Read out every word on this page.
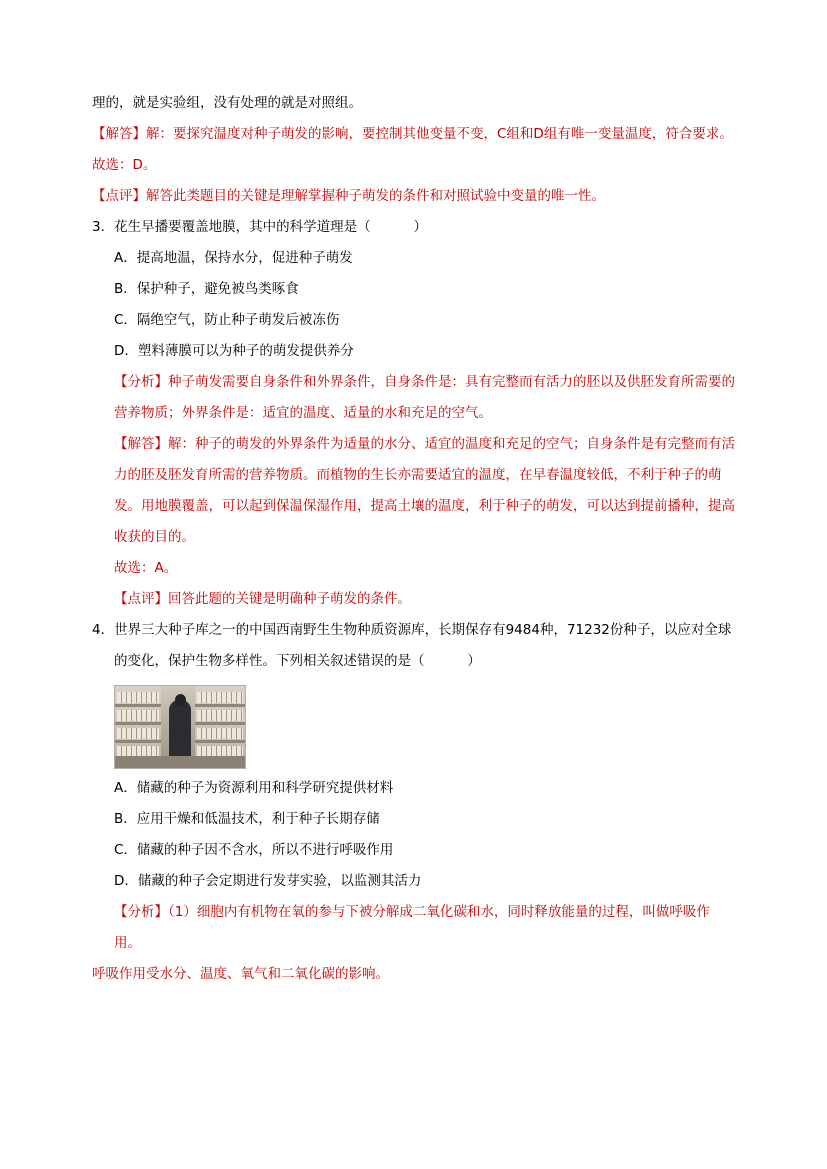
理的，就是实验组，没有处理的就是对照组。
【解答】解：要探究温度对种子萌发的影响，要控制其他变量不变，C组和D组有唯一变量温度，符合要求。
故选：D。
【点评】解答此类题目的关键是理解掌握种子萌发的条件和对照试验中变量的唯一性。
3．花生早播要覆盖地膜，其中的科学道理是（          ）
A．提高地温，保持水分，促进种子萌发
B．保护种子，避免被鸟类啄食
C．隔绝空气，防止种子萌发后被冻伤
D．塑料薄膜可以为种子的萌发提供养分
【分析】种子萌发需要自身条件和外界条件，自身条件是：具有完整而有活力的胚以及供胚发育所需要的营养物质；外界条件是：适宜的温度、适量的水和充足的空气。
【解答】解：种子的萌发的外界条件为适量的水分、适宜的温度和充足的空气；自身条件是有完整而有活力的胚及胚发育所需的营养物质。而植物的生长亦需要适宜的温度，在早春温度较低，不利于种子的萌发。用地膜覆盖，可以起到保温保湿作用，提高土壤的温度，利于种子的萌发，可以达到提前播种，提高收获的目的。
故选：A。
【点评】回答此题的关键是明确种子萌发的条件。
4．世界三大种子库之一的中国西南野生生物种质资源库，长期保存有9484种，71232份种子，以应对全球
的变化，保护生物多样性。下列相关叙述错误的是（          ）
A．储藏的种子为资源利用和科学研究提供材料
B．应用干燥和低温技术，利于种子长期存储
C．储藏的种子因不含水，所以不进行呼吸作用
D．储藏的种子会定期进行发芽实验，以监测其活力
【分析】（1）细胞内有机物在氧的参与下被分解成二氧化碳和水，同时释放能量的过程，叫做呼吸作用。
呼吸作用受水分、温度、氧气和二氧化碳的影响。
